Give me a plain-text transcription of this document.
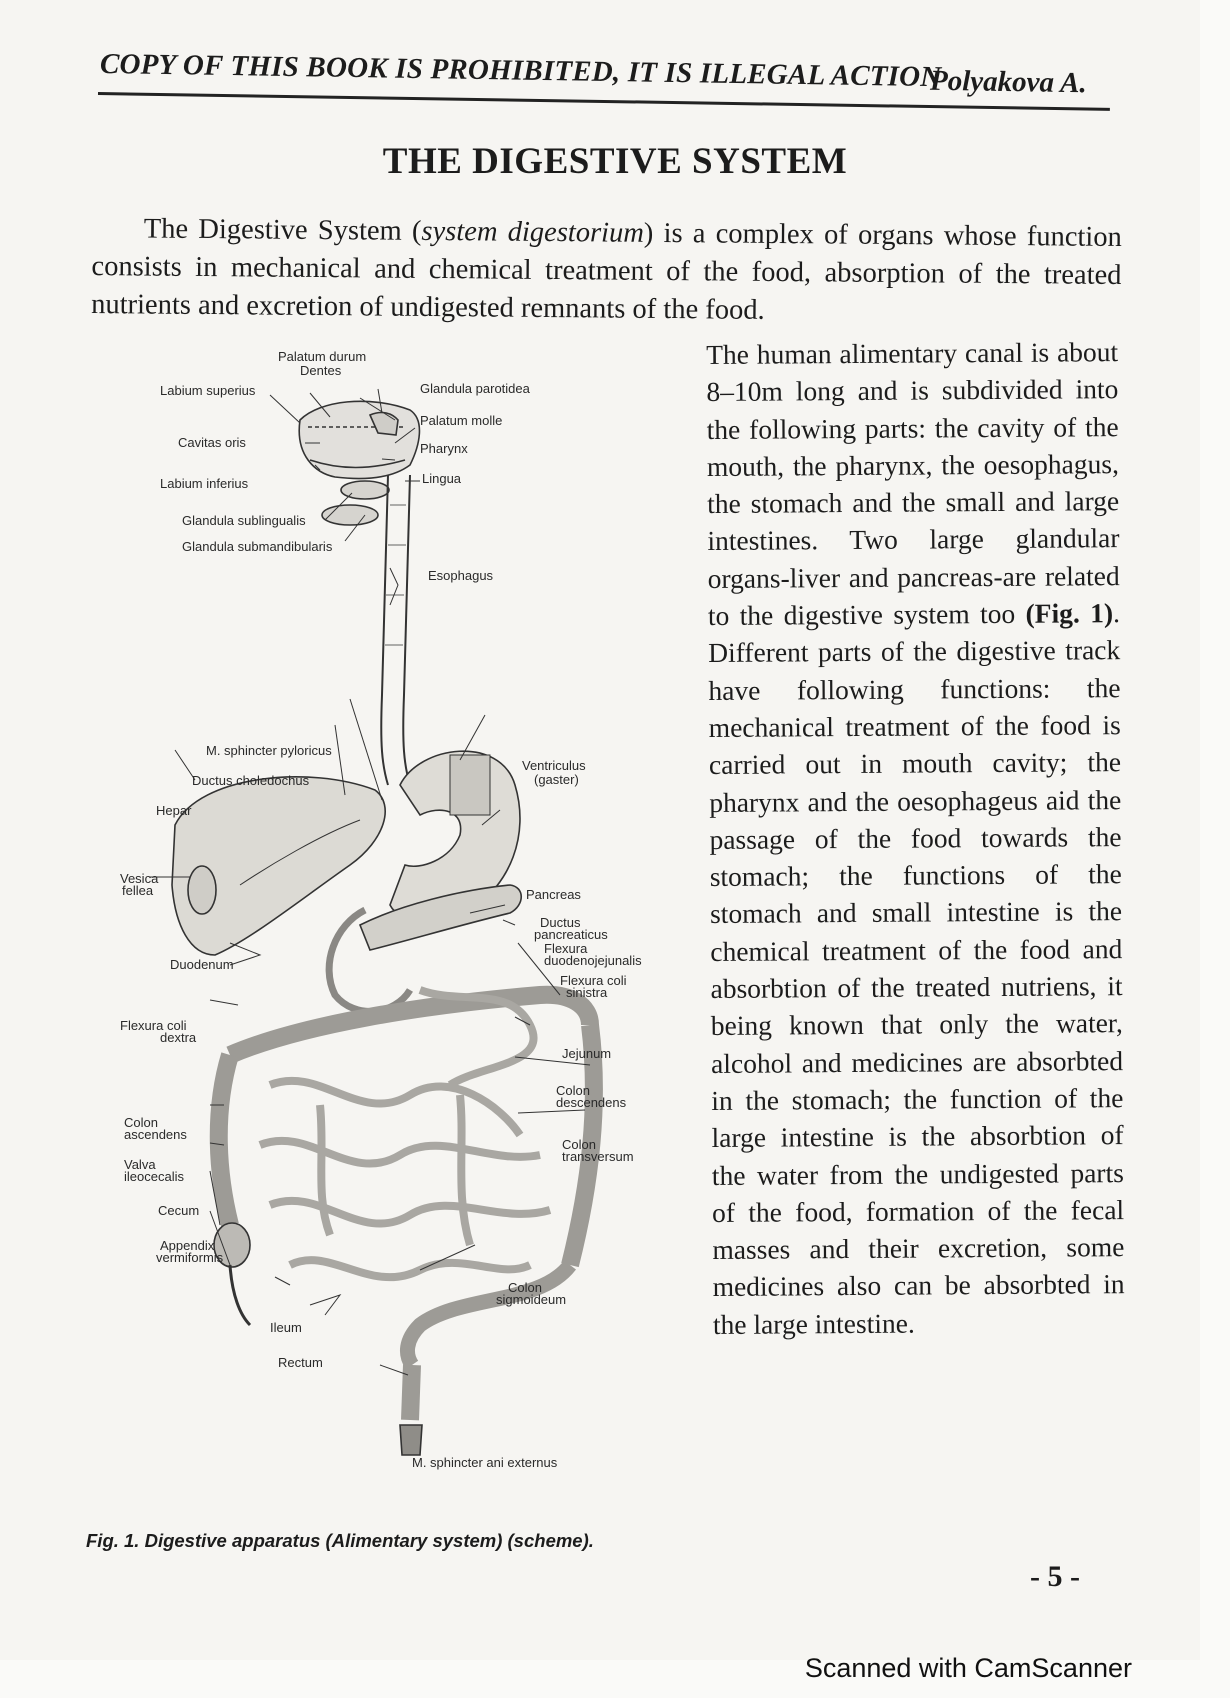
COPY OF THIS BOOK IS PROHIBITED, IT IS ILLEGAL ACTION
Polyakova A.
THE DIGESTIVE SYSTEM

The Digestive System (system digestorium) is a complex of organs whose function consists in mechanical and chemical treatment of the food, absorption of the treated nutrients and excretion of undigested remnants of the food.

Palatum durum
Dentes
Labium superius	Glandula parotidea
Palatum molle
Cavitas oris	Pharynx
Lingua
Labium inferius
Glandula sublingualis
Glandula submandibularis
Esophagus
M. sphincter pyloricus
Ductus choledochus
Ventriculus
(gaster)
Hepar
Pancreas
Vesica
fellea
Ductus
pancreaticus
Flexura
duodenojejunalis
Duodenum
Flexura coli
sinistra
Flexura coli
dextra
Jejunum
Colon
descendens
Colon
ascendens
Colon
transversum
Valva
ileocecalis
Cecum
Appendix
vermiformis
Colon
sigmoideum
Ileum
Rectum
M. sphincter ani externus

The human alimentary canal is about 8–10m long and is subdivided into the following parts: the cavity of the mouth, the pharynx, the oesophagus, the stomach and the small and large intestines. Two large glandular organs-liver and pancreas-are related to the digestive system too (Fig. 1). Different parts of the digestive track have following functions: the mechanical treatment of the food is carried out in mouth cavity; the pharynx and the oesophageus aid the passage of the food towards the stomach; the functions of the stomach and small intestine is the chemical treatment of the food and absorbtion of the treated nutriens, it being known that only the water, alcohol and medicines are absorbted in the stomach; the function of the large intestine is the absorbtion of the water from the undigested parts of the food, formation of the fecal masses and their excretion, some medicines also can be absorbted in the large intestine.

Fig. 1. Digestive apparatus (Alimentary system) (scheme).
- 5 -
Scanned with CamScanner
